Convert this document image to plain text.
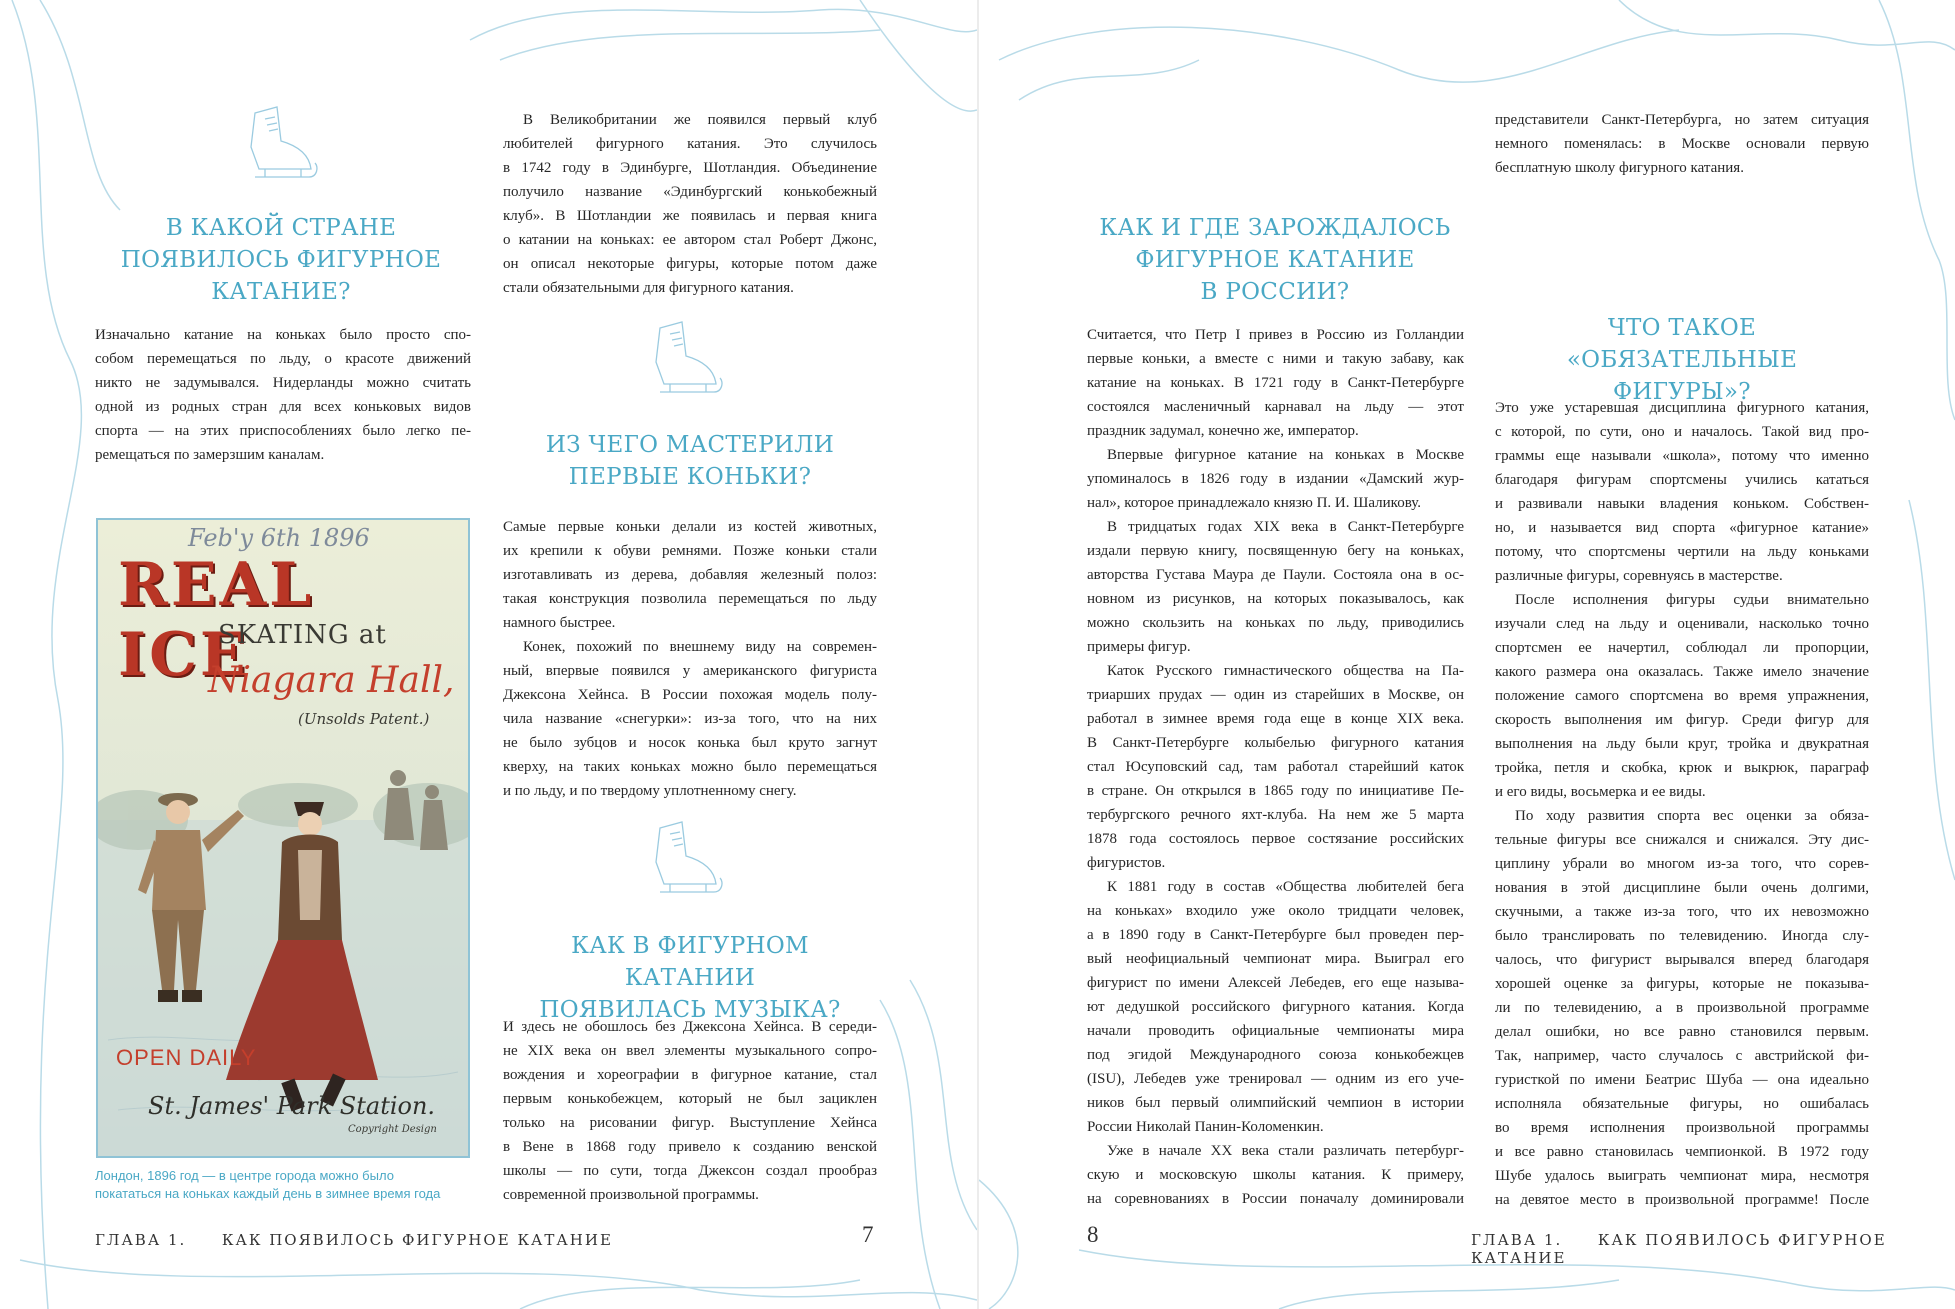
В КАКОЙ СТРАНЕ
ПОЯВИЛОСЬ ФИГУРНОЕ
КАТАНИЕ?
Изначально катание на коньках было просто спо-
собом перемещаться по льду, о красоте движений
никто не задумывался. Нидерланды можно считать
одной из родных стран для всех коньковых видов
спорта — на этих приспособлениях было легко пе-
ремещаться по замерзшим каналам.
В Великобритании же появился первый клуб
любителей фигурного катания. Это случилось
в 1742 году в Эдинбурге, Шотландия. Объединение
получило название «Эдинбургский конькобежный
клуб». В Шотландии же появилась и первая книга
о катании на коньках: ее автором стал Роберт Джонс,
он описал некоторые фигуры, которые потом даже
стали обязательными для фигурного катания.
ИЗ ЧЕГО МАСТЕРИЛИ
ПЕРВЫЕ КОНЬКИ?
Самые первые коньки делали из костей животных,
их крепили к обуви ремнями. Позже коньки стали
изготавливать из дерева, добавляя железный полоз:
такая конструкция позволила перемещаться по льду
намного быстрее.
Конек, похожий по внешнему виду на современ-
ный, впервые появился у американского фигуриста
Джексона Хейнса. В России похожая модель полу-
чила название «снегурки»: из-за того, что на них
не было зубцов и носок конька был круто загнут
кверху, на таких коньках можно было перемещаться
и по льду, и по твердому уплотненному снегу.
КАК В ФИГУРНОМ КАТАНИИ
ПОЯВИЛАСЬ МУЗЫКА?
И здесь не обошлось без Джексона Хейнса. В середи-
не XIX века он ввел элементы музыкального сопро-
вождения и хореографии в фигурное катание, стал
первым конькобежцем, который не был зациклен
только на рисовании фигур. Выступление Хейнса
в Вене в 1868 году привело к созданию венской
школы — по сути, тогда Джексон создал прообраз
современной произвольной программы.
Feb'y 6th 1896
REAL ICE
SKATING at
Niagara Hall,
(Unsolds Patent.)
OPEN DAILY
St. James' Park Station.
Copyright Design
Лондон, 1896 год — в центре города можно было
покататься на коньках каждый день в зимнее время года
ГЛАВА 1. КАК ПОЯВИЛОСЬ ФИГУРНОЕ КАТАНИЕ	7
КАК И ГДЕ ЗАРОЖДАЛОСЬ
ФИГУРНОЕ КАТАНИЕ
В РОССИИ?
Считается, что Петр I привез в Россию из Голландии
первые коньки, а вместе с ними и такую забаву, как
катание на коньках. В 1721 году в Санкт-Петербурге
состоялся масленичный карнавал на льду — этот
праздник задумал, конечно же, император.
Впервые фигурное катание на коньках в Москве
упоминалось в 1826 году в издании «Дамский жур-
нал», которое принадлежало князю П. И. Шаликову.
В тридцатых годах XIX века в Санкт-Петербурге
издали первую книгу, посвященную бегу на коньках,
авторства Густава Маура де Паули. Состояла она в ос-
новном из рисунков, на которых показывалось, как
можно скользить на коньках по льду, приводились
примеры фигур.
Каток Русского гимнастического общества на Па-
триарших прудах — один из старейших в Москве, он
работал в зимнее время года еще в конце XIX века.
В Санкт-Петербурге колыбелью фигурного катания
стал Юсуповский сад, там работал старейший каток
в стране. Он открылся в 1865 году по инициативе Пе-
тербургского речного яхт-клуба. На нем же 5 марта
1878 года состоялось первое состязание российских
фигуристов.
К 1881 году в состав «Общества любителей бега
на коньках» входило уже около тридцати человек,
а в 1890 году в Санкт-Петербурге был проведен пер-
вый неофициальный чемпионат мира. Выиграл его
фигурист по имени Алексей Лебедев, его еще называ-
ют дедушкой российского фигурного катания. Когда
начали проводить официальные чемпионаты мира
под эгидой Международного союза конькобежцев
(ISU), Лебедев уже тренировал — одним из его уче-
ников был первый олимпийский чемпион в истории
России Николай Панин-Коломенкин.
Уже в начале XX века стали различать петербург-
скую и московскую школы катания. К примеру,
на соревнованиях в России поначалу доминировали
представители Санкт-Петербурга, но затем ситуация
немного поменялась: в Москве основали первую
бесплатную школу фигурного катания.
ЧТО ТАКОЕ
«ОБЯЗАТЕЛЬНЫЕ ФИГУРЫ»?
Это уже устаревшая дисциплина фигурного катания,
с которой, по сути, оно и началось. Такой вид про-
граммы еще называли «школа», потому что именно
благодаря фигурам спортсмены учились кататься
и развивали навыки владения коньком. Собствен-
но, и называется вид спорта «фигурное катание»
потому, что спортсмены чертили на льду коньками
различные фигуры, соревнуясь в мастерстве.
После исполнения фигуры судьи внимательно
изучали след на льду и оценивали, насколько точно
спортсмен ее начертил, соблюдал ли пропорции,
какого размера она оказалась. Также имело значение
положение самого спортсмена во время упражнения,
скорость выполнения им фигур. Среди фигур для
выполнения на льду были круг, тройка и двукратная
тройка, петля и скобка, крюк и выкрюк, параграф
и его виды, восьмерка и ее виды.
По ходу развития спорта вес оценки за обяза-
тельные фигуры все снижался и снижался. Эту дис-
циплину убрали во многом из-за того, что сорев-
нования в этой дисциплине были очень долгими,
скучными, а также из-за того, что их невозможно
было транслировать по телевидению. Иногда слу-
чалось, что фигурист вырывался вперед благодаря
хорошей оценке за фигуры, которые не показыва-
ли по телевидению, а в произвольной программе
делал ошибки, но все равно становился первым.
Так, например, часто случалось с австрийской фи-
гуристкой по имени Беатрис Шуба — она идеально
исполняла обязательные фигуры, но ошибалась
во время исполнения произвольной программы
и все равно становилась чемпионкой. В 1972 году
Шубе удалось выиграть чемпионат мира, несмотря
на девятое место в произвольной программе! После
8	ГЛАВА 1. КАК ПОЯВИЛОСЬ ФИГУРНОЕ КАТАНИЕ
